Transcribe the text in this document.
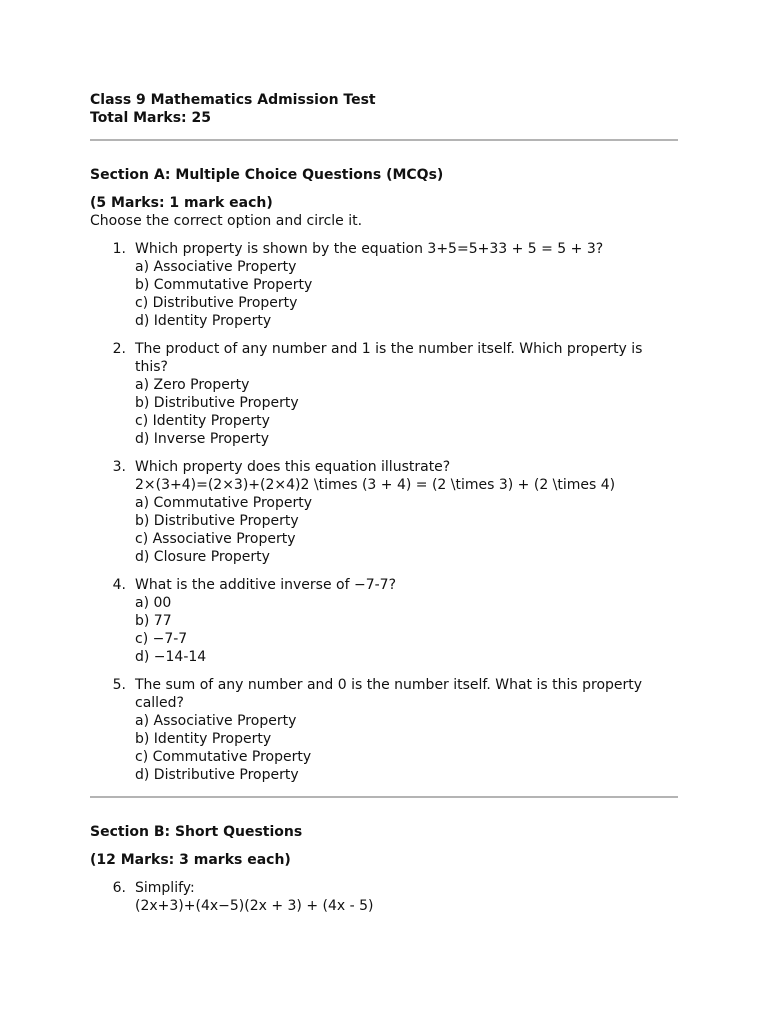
Class 9 Mathematics Admission Test
Total Marks: 25
Section A: Multiple Choice Questions (MCQs)
(5 Marks: 1 mark each)
Choose the correct option and circle it.
1. Which property is shown by the equation 3+5=5+33 + 5 = 5 + 3?
a) Associative Property
b) Commutative Property
c) Distributive Property
d) Identity Property
2. The product of any number and 1 is the number itself. Which property is this?
a) Zero Property
b) Distributive Property
c) Identity Property
d) Inverse Property
3. Which property does this equation illustrate?
2×(3+4)=(2×3)+(2×4)2 \times (3 + 4) = (2 \times 3) + (2 \times 4)
a) Commutative Property
b) Distributive Property
c) Associative Property
d) Closure Property
4. What is the additive inverse of −7-7?
a) 00
b) 77
c) −7-7
d) −14-14
5. The sum of any number and 0 is the number itself. What is this property called?
a) Associative Property
b) Identity Property
c) Commutative Property
d) Distributive Property
Section B: Short Questions
(12 Marks: 3 marks each)
6. Simplify:
(2x+3)+(4x−5)(2x + 3) + (4x - 5)
